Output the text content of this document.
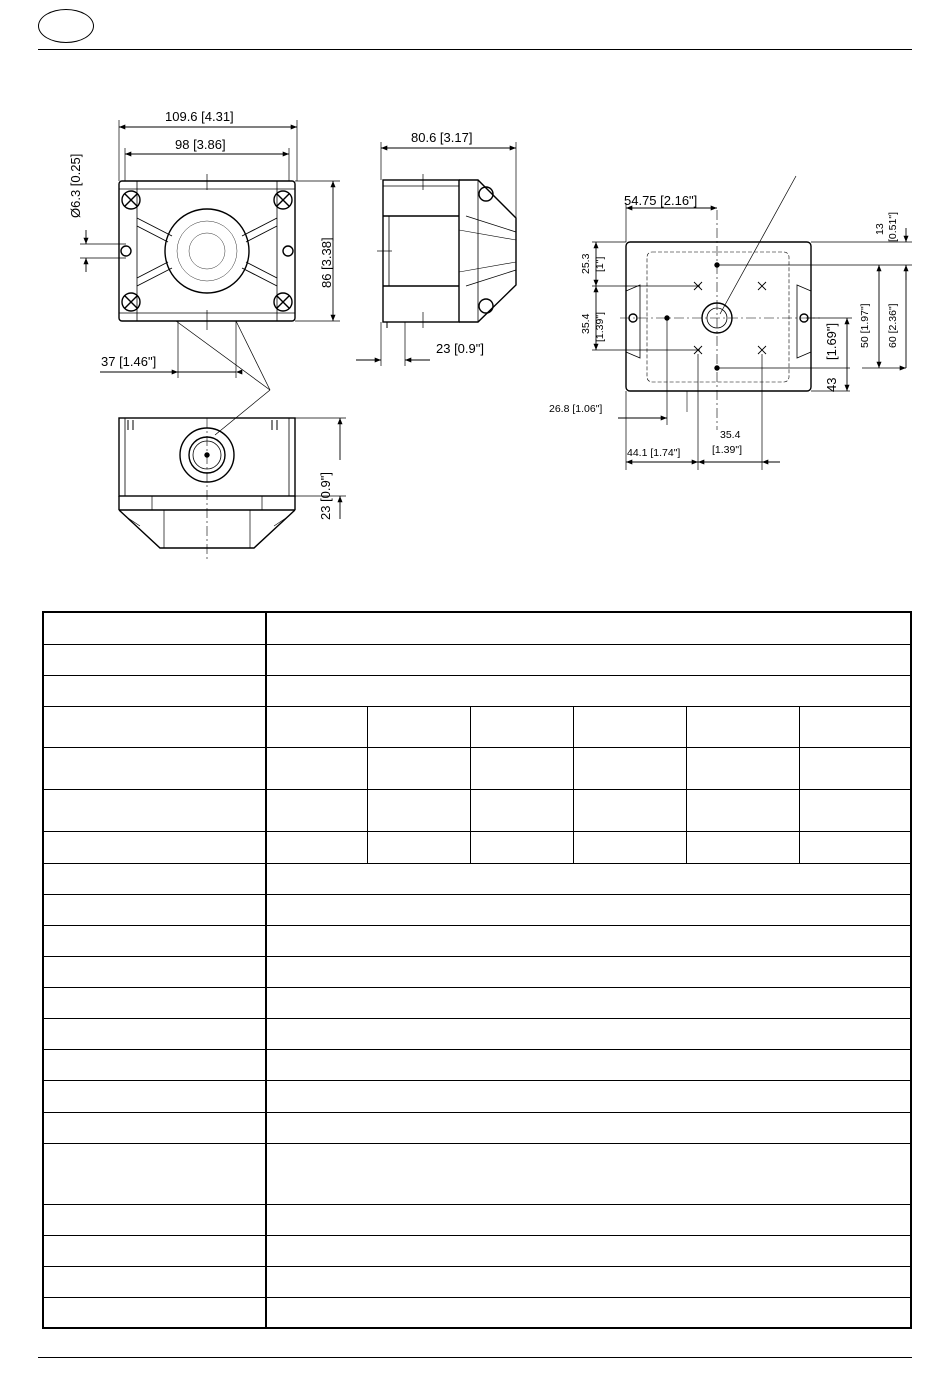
109.6 [4.31]
98 [3.86]
86 [3.38]
Ø6.3 [0.25]
37 [1.46"]
80.6 [3.17]
23 [0.9"]
23 [0.9"]
54.75 [2.16"]
25.3 [1"]
35.4 [1.39"]
13 [0.51"]
50 [1.97"] 60 [2.36"]
[1.69"]
43
26.8 [1.06"]
44.1 [1.74"]
35.4
[1.39"]
